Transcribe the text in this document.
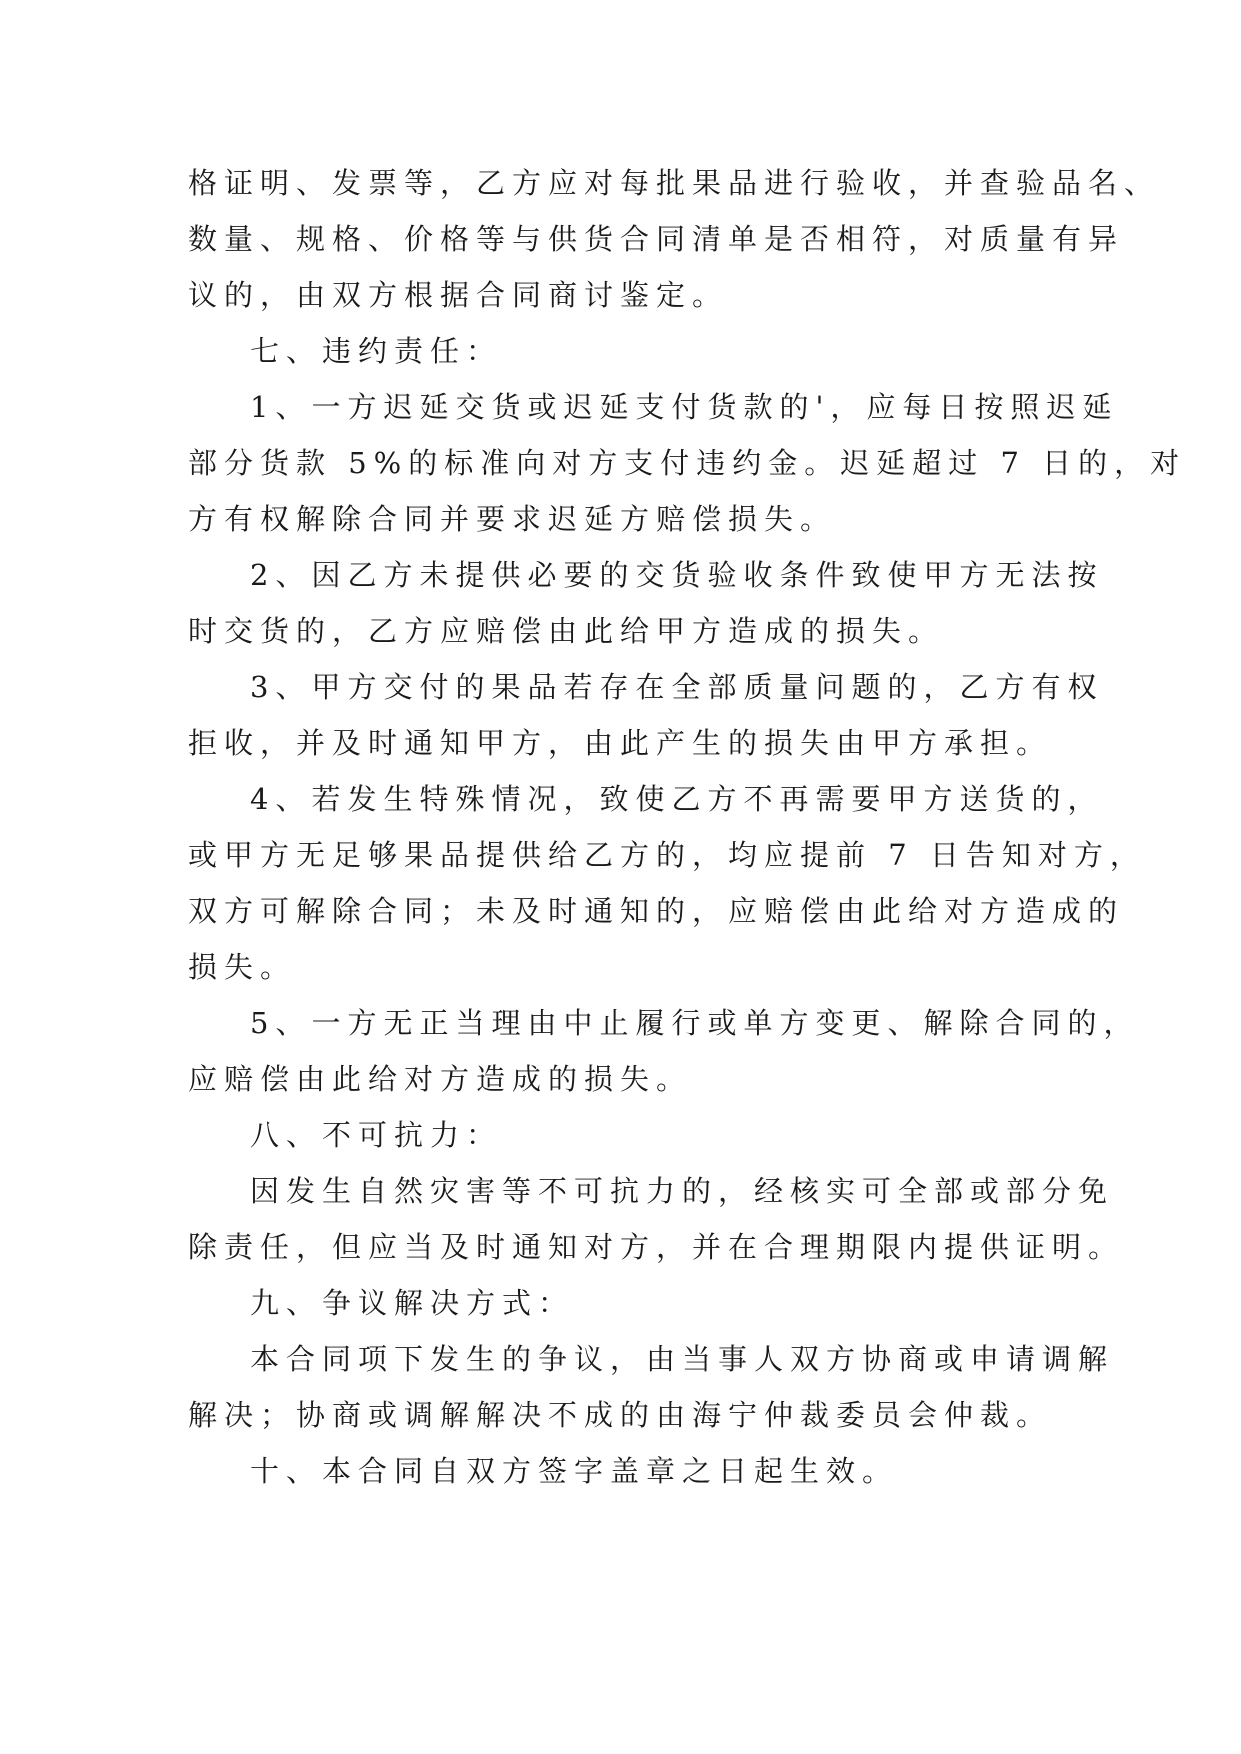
格证明、发票等，乙方应对每批果品进行验收，并查验品名、
数量、规格、价格等与供货合同清单是否相符，对质量有异
议的，由双方根据合同商讨鉴定。
七、违约责任：
1、一方迟延交货或迟延支付货款的'，应每日按照迟延
部分货款 5%的标准向对方支付违约金。迟延超过 7 日的，对
方有权解除合同并要求迟延方赔偿损失。
2、因乙方未提供必要的交货验收条件致使甲方无法按
时交货的，乙方应赔偿由此给甲方造成的损失。
3、甲方交付的果品若存在全部质量问题的，乙方有权
拒收，并及时通知甲方，由此产生的损失由甲方承担。
4、若发生特殊情况，致使乙方不再需要甲方送货的，
或甲方无足够果品提供给乙方的，均应提前 7 日告知对方，
双方可解除合同；未及时通知的，应赔偿由此给对方造成的
损失。
5、一方无正当理由中止履行或单方变更、解除合同的，
应赔偿由此给对方造成的损失。
八、不可抗力：
因发生自然灾害等不可抗力的，经核实可全部或部分免
除责任，但应当及时通知对方，并在合理期限内提供证明。
九、争议解决方式：
本合同项下发生的争议，由当事人双方协商或申请调解
解决；协商或调解解决不成的由海宁仲裁委员会仲裁。
十、本合同自双方签字盖章之日起生效。
